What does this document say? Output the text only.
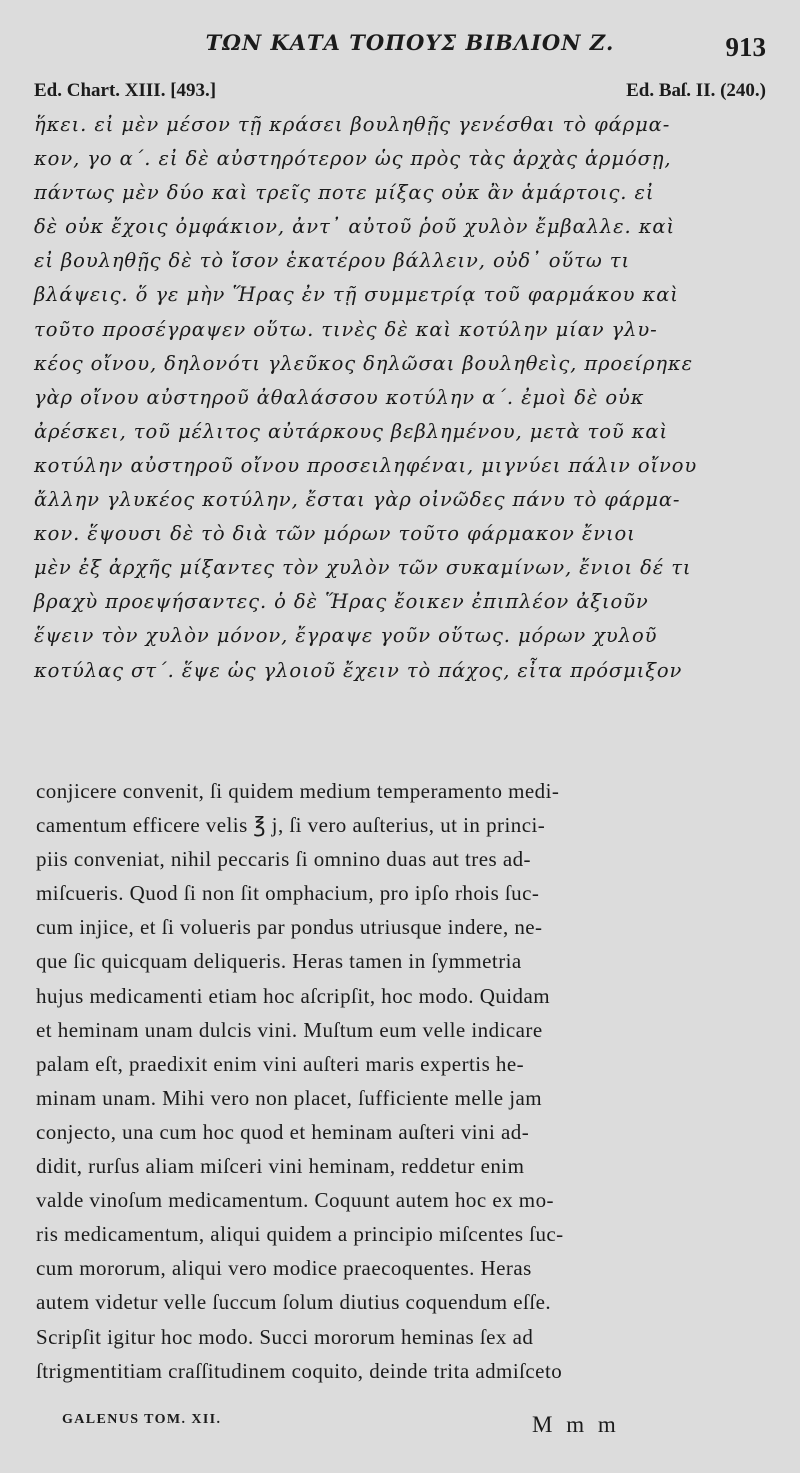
ΤΩΝ ΚΑΤΑ ΤΟΠΟΥΣ ΒΙΒΛΙΟΝ Ζ.	913
Ed. Chart. XIII. [493.]	Ed. Baſ. II. (240.)
ἥκει. εἰ μὲν μέσον τῇ κράσει βουληθῇς γενέσθαι τὸ φάρμα-
κον, γο α΄. εἰ δὲ αὐστηρότερον ὡς πρὸς τὰς ἀρχὰς ἁρμόσῃ,
πάντως μὲν δύο καὶ τρεῖς ποτε μίξας οὐκ ἂν ἁμάρτοις. εἰ
δὲ οὐκ ἔχοις ὀμφάκιον, ἀντ᾽ αὐτοῦ ῥοῦ χυλὸν ἔμβαλλε. καὶ
εἰ βουληθῇς δὲ τὸ ἴσον ἑκατέρου βάλλειν, οὐδ᾽ οὕτω τι
βλάψεις. ὅ γε μὴν Ἥρας ἐν τῇ συμμετρίᾳ τοῦ φαρμάκου καὶ
τοῦτο προσέγραψεν οὕτω. τινὲς δὲ καὶ κοτύλην μίαν γλυ-
κέος οἴνου, δηλονότι γλεῦκος δηλῶσαι βουληθεὶς, προείρηκε
γὰρ οἴνου αὐστηροῦ ἀθαλάσσου κοτύλην α΄. ἐμοὶ δὲ οὐκ
ἀρέσκει, τοῦ μέλιτος αὐτάρκους βεβλημένου, μετὰ τοῦ καὶ
κοτύλην αὐστηροῦ οἴνου προσειληφέναι, μιγνύει πάλιν οἴνου
ἄλλην γλυκέος κοτύλην, ἔσται γὰρ οἰνῶδες πάνυ τὸ φάρμα-
κον. ἕψουσι δὲ τὸ διὰ τῶν μόρων τοῦτο φάρμακον ἔνιοι
μὲν ἐξ ἀρχῆς μίξαντες τὸν χυλὸν τῶν συκαμίνων, ἔνιοι δέ τι
βραχὺ προεψήσαντες. ὁ δὲ Ἥρας ἔοικεν ἐπιπλέον ἀξιοῦν
ἕψειν τὸν χυλὸν μόνον, ἔγραψε γοῦν οὕτως. μόρων χυλοῦ
κοτύλας στ΄. ἕψε ὡς γλοιοῦ ἔχειν τὸ πάχος, εἶτα πρόσμιξον
conjicere convenit, ſi quidem medium temperamento medi-
camentum efficere velis ℥ j, ſi vero auſterius, ut in princi-
piis conveniat, nihil peccaris ſi omnino duas aut tres ad-
miſcueris. Quod ſi non ſit omphacium, pro ipſo rhois ſuc-
cum injice, et ſi volueris par pondus utriusque indere, ne-
que ſic quicquam deliqueris. Heras tamen in ſymmetria
hujus medicamenti etiam hoc aſcripſit, hoc modo. Quidam
et heminam unam dulcis vini. Muſtum eum velle indicare
palam eſt, praedixit enim vini auſteri maris expertis he-
minam unam. Mihi vero non placet, ſufficiente melle jam
conjecto, una cum hoc quod et heminam auſteri vini ad-
didit, rurſus aliam miſceri vini heminam, reddetur enim
valde vinoſum medicamentum. Coquunt autem hoc ex mo-
ris medicamentum, aliqui quidem a principio miſcentes ſuc-
cum mororum, aliqui vero modice praecoquentes. Heras
autem videtur velle ſuccum ſolum diutius coquendum eſſe.
Scripſit igitur hoc modo. Succi mororum heminas ſex ad
ſtrigmentitiam craſſitudinem coquito, deinde trita admiſceto
GALENUS TOM. XII.	M m m
